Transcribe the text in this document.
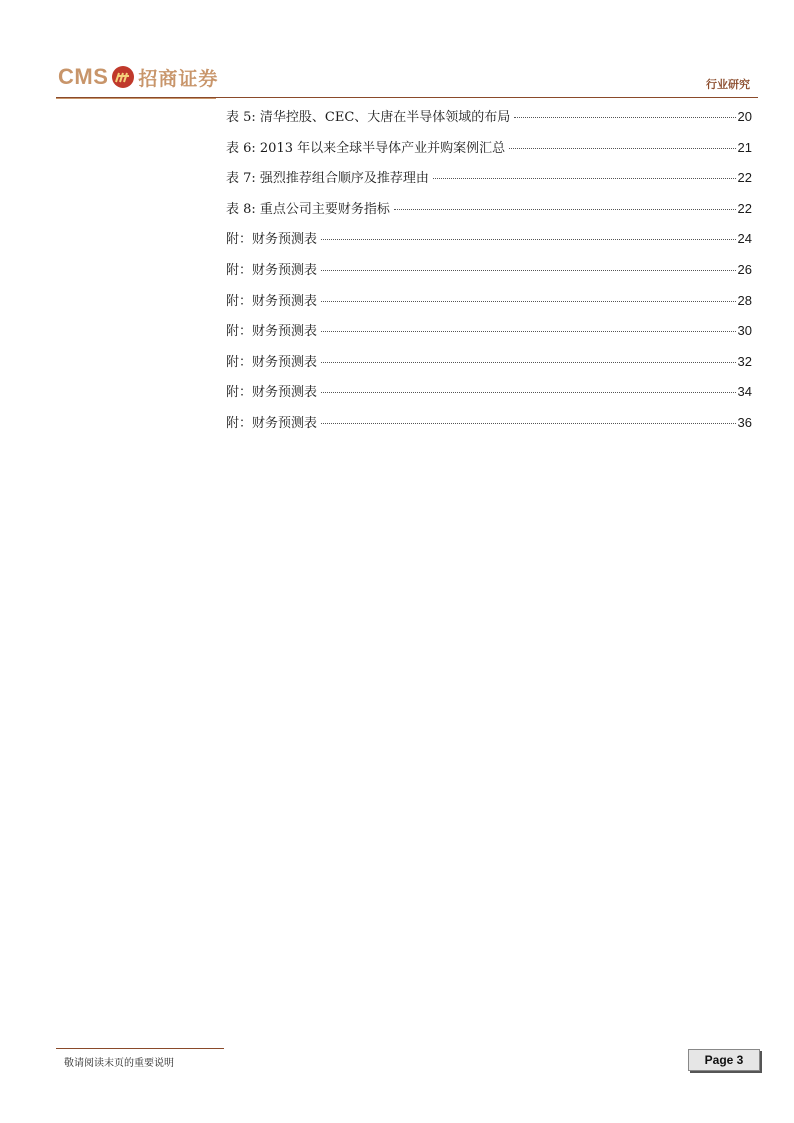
CMS 招商证券	行业研究
表 5: 清华控股、CEC、大唐在半导体领域的布局	20
表 6: 2013 年以来全球半导体产业并购案例汇总	21
表 7: 强烈推荐组合顺序及推荐理由	22
表 8: 重点公司主要财务指标	22
附：财务预测表	24
附：财务预测表	26
附：财务预测表	28
附：财务预测表	30
附：财务预测表	32
附：财务预测表	34
附：财务预测表	36
敬请阅读末页的重要说明	Page 3
